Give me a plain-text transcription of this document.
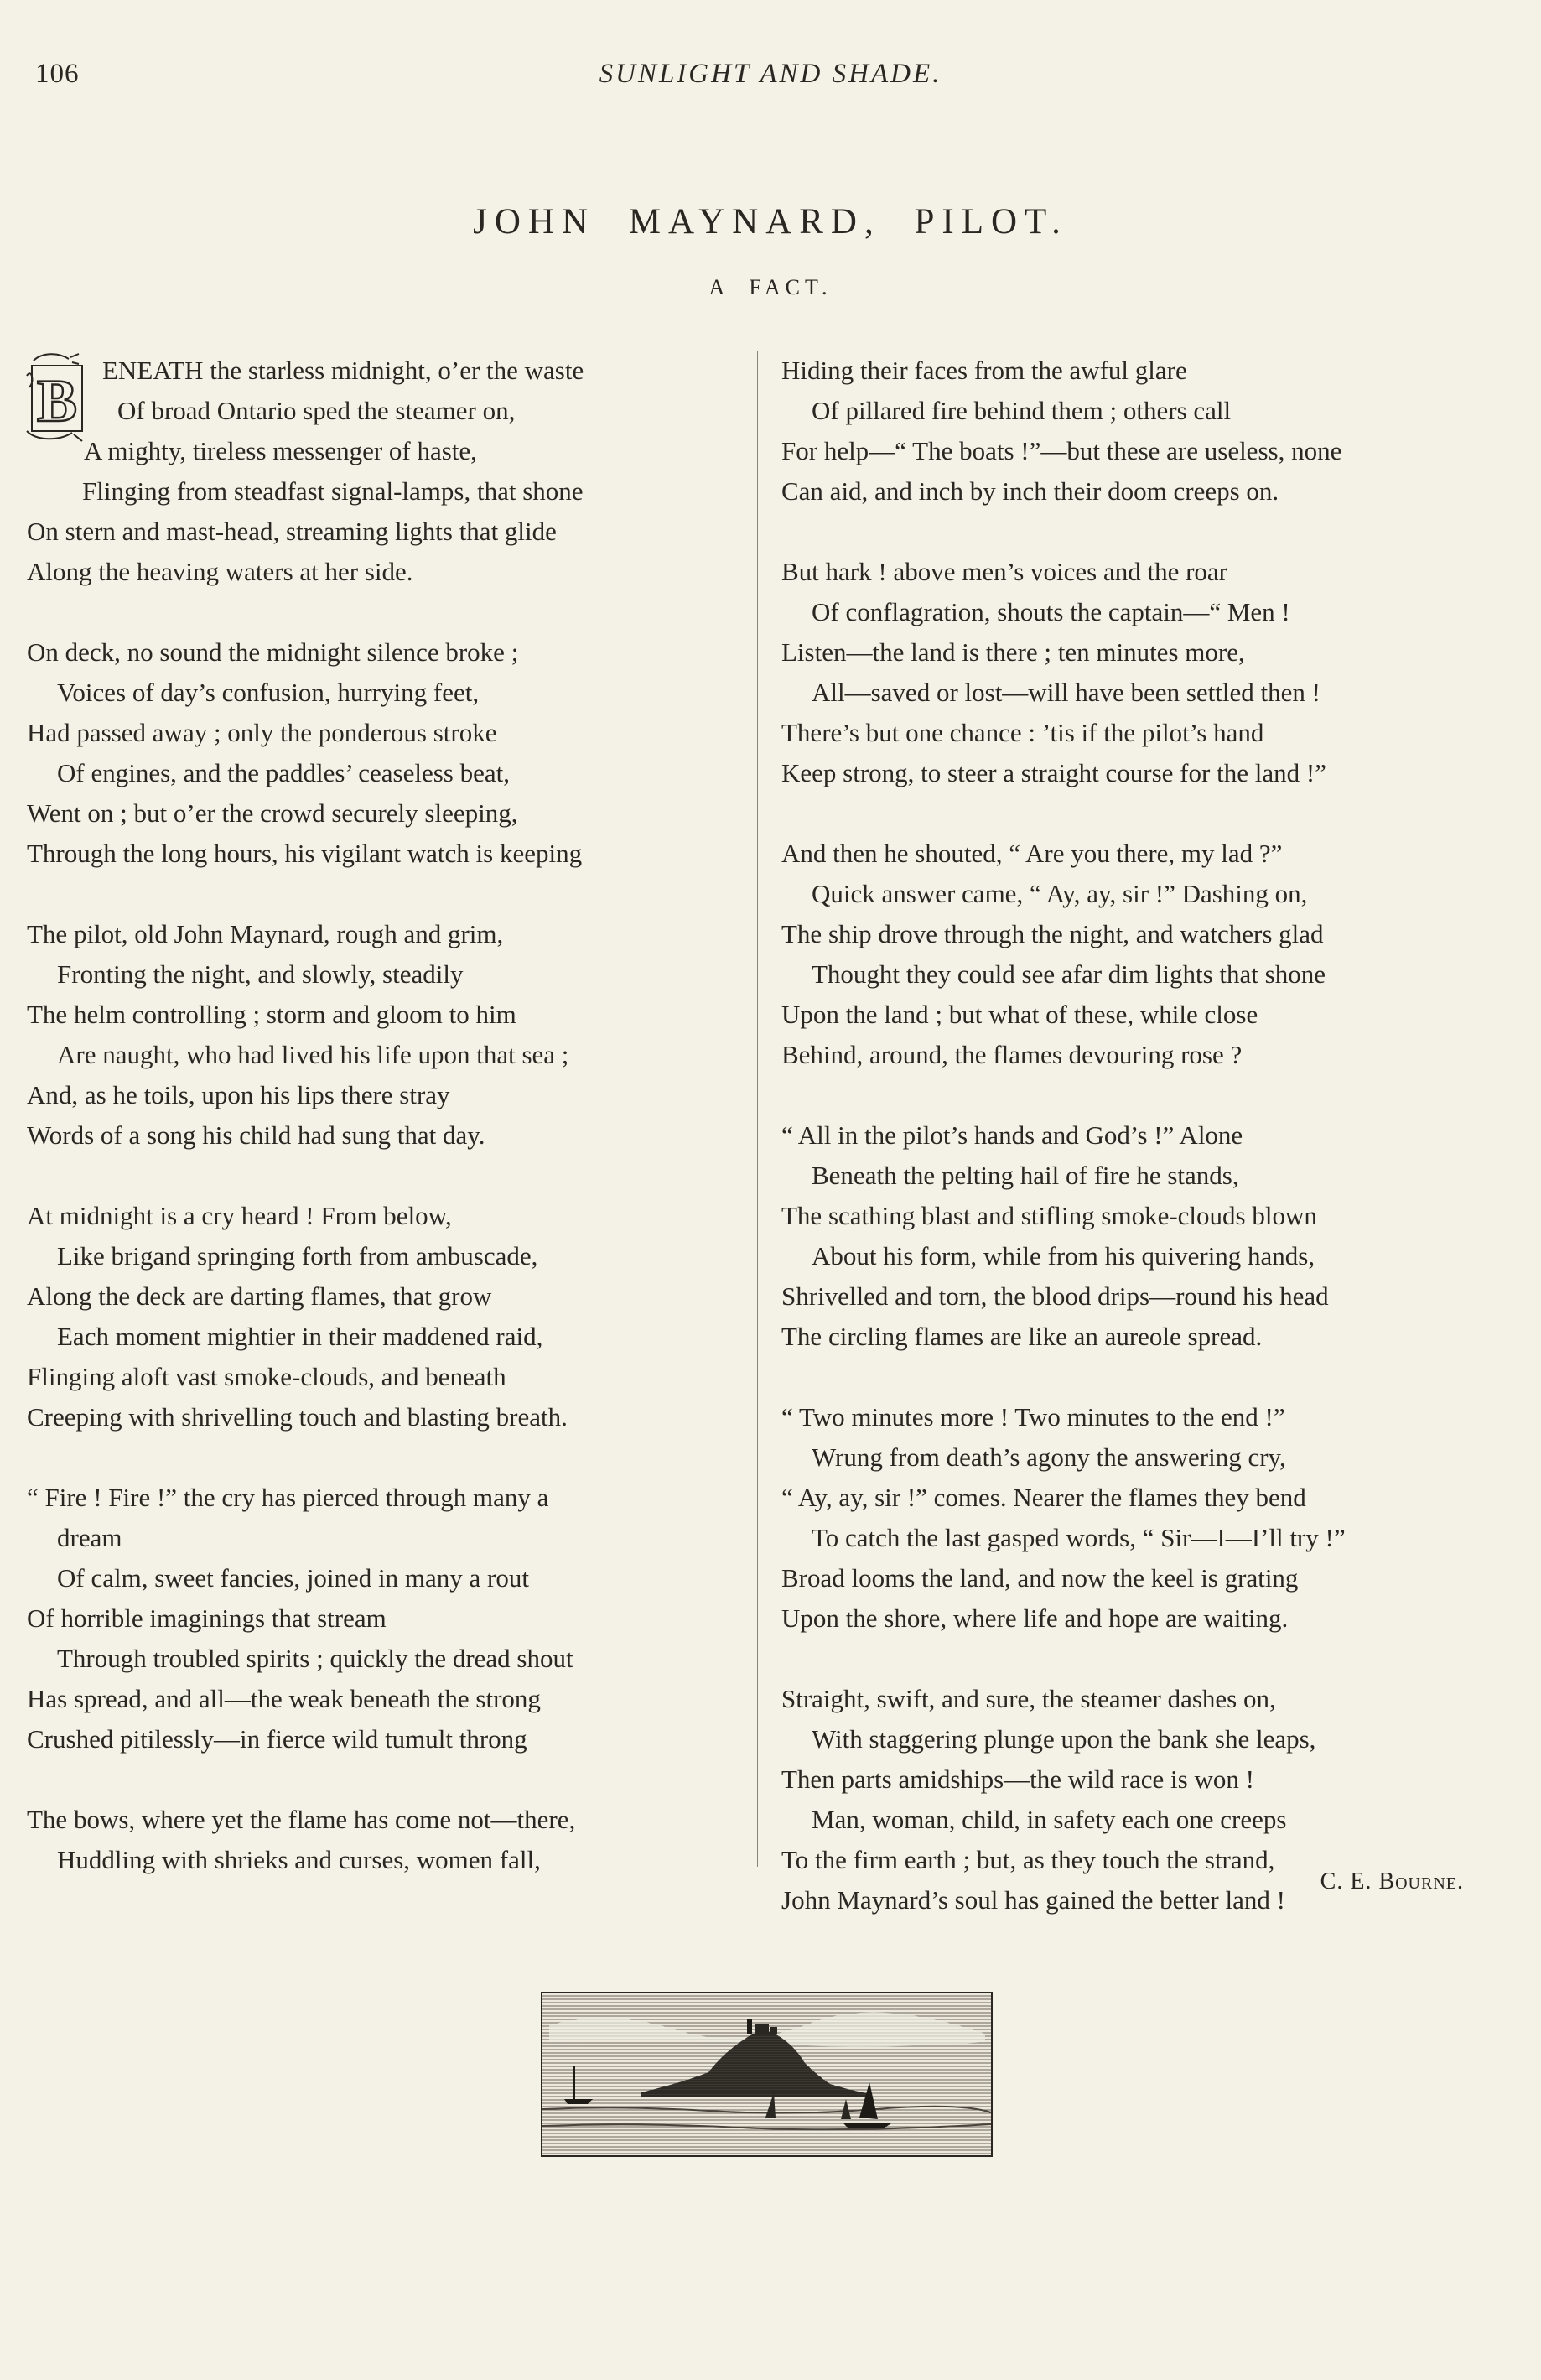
106	SUNLIGHT AND SHADE.
JOHN MAYNARD, PILOT.
A FACT.
B ENEATH the starless midnight, o’er the waste
Of broad Ontario sped the steamer on,
A mighty, tireless messenger of haste,
Flinging from steadfast signal-lamps, that shone
On stern and mast-head, streaming lights that glide
Along the heaving waters at her side.
On deck, no sound the midnight silence broke ;
Voices of day’s confusion, hurrying feet,
Had passed away ; only the ponderous stroke
Of engines, and the paddles’ ceaseless beat,
Went on ; but o’er the crowd securely sleeping,
Through the long hours, his vigilant watch is keeping
The pilot, old John Maynard, rough and grim,
Fronting the night, and slowly, steadily
The helm controlling ; storm and gloom to him
Are naught, who had lived his life upon that sea ;
And, as he toils, upon his lips there stray
Words of a song his child had sung that day.
At midnight is a cry heard ! From below,
Like brigand springing forth from ambuscade,
Along the deck are darting flames, that grow
Each moment mightier in their maddened raid,
Flinging aloft vast smoke-clouds, and beneath
Creeping with shrivelling touch and blasting breath.
“ Fire ! Fire !” the cry has pierced through many a
dream
Of calm, sweet fancies, joined in many a rout
Of horrible imaginings that stream
Through troubled spirits ; quickly the dread shout
Has spread, and all—the weak beneath the strong
Crushed pitilessly—in fierce wild tumult throng
The bows, where yet the flame has come not—there,
Huddling with shrieks and curses, women fall,
Hiding their faces from the awful glare
Of pillared fire behind them ; others call
For help—“ The boats !”—but these are useless, none
Can aid, and inch by inch their doom creeps on.
But hark ! above men’s voices and the roar
Of conflagration, shouts the captain—“ Men !
Listen—the land is there ; ten minutes more,
All—saved or lost—will have been settled then !
There’s but one chance : ’tis if the pilot’s hand
Keep strong, to steer a straight course for the land !”
And then he shouted, “ Are you there, my lad ?”
Quick answer came, “ Ay, ay, sir !” Dashing on,
The ship drove through the night, and watchers glad
Thought they could see afar dim lights that shone
Upon the land ; but what of these, while close
Behind, around, the flames devouring rose ?
“ All in the pilot’s hands and God’s !” Alone
Beneath the pelting hail of fire he stands,
The scathing blast and stifling smoke-clouds blown
About his form, while from his quivering hands,
Shrivelled and torn, the blood drips—round his head
The circling flames are like an aureole spread.
“ Two minutes more ! Two minutes to the end !”
Wrung from death’s agony the answering cry,
“ Ay, ay, sir !” comes. Nearer the flames they bend
To catch the last gasped words, “ Sir—I—I’ll try !”
Broad looms the land, and now the keel is grating
Upon the shore, where life and hope are waiting.
Straight, swift, and sure, the steamer dashes on,
With staggering plunge upon the bank she leaps,
Then parts amidships—the wild race is won !
Man, woman, child, in safety each one creeps
To the firm earth ; but, as they touch the strand,
John Maynard’s soul has gained the better land !
C. E. Bourne.
